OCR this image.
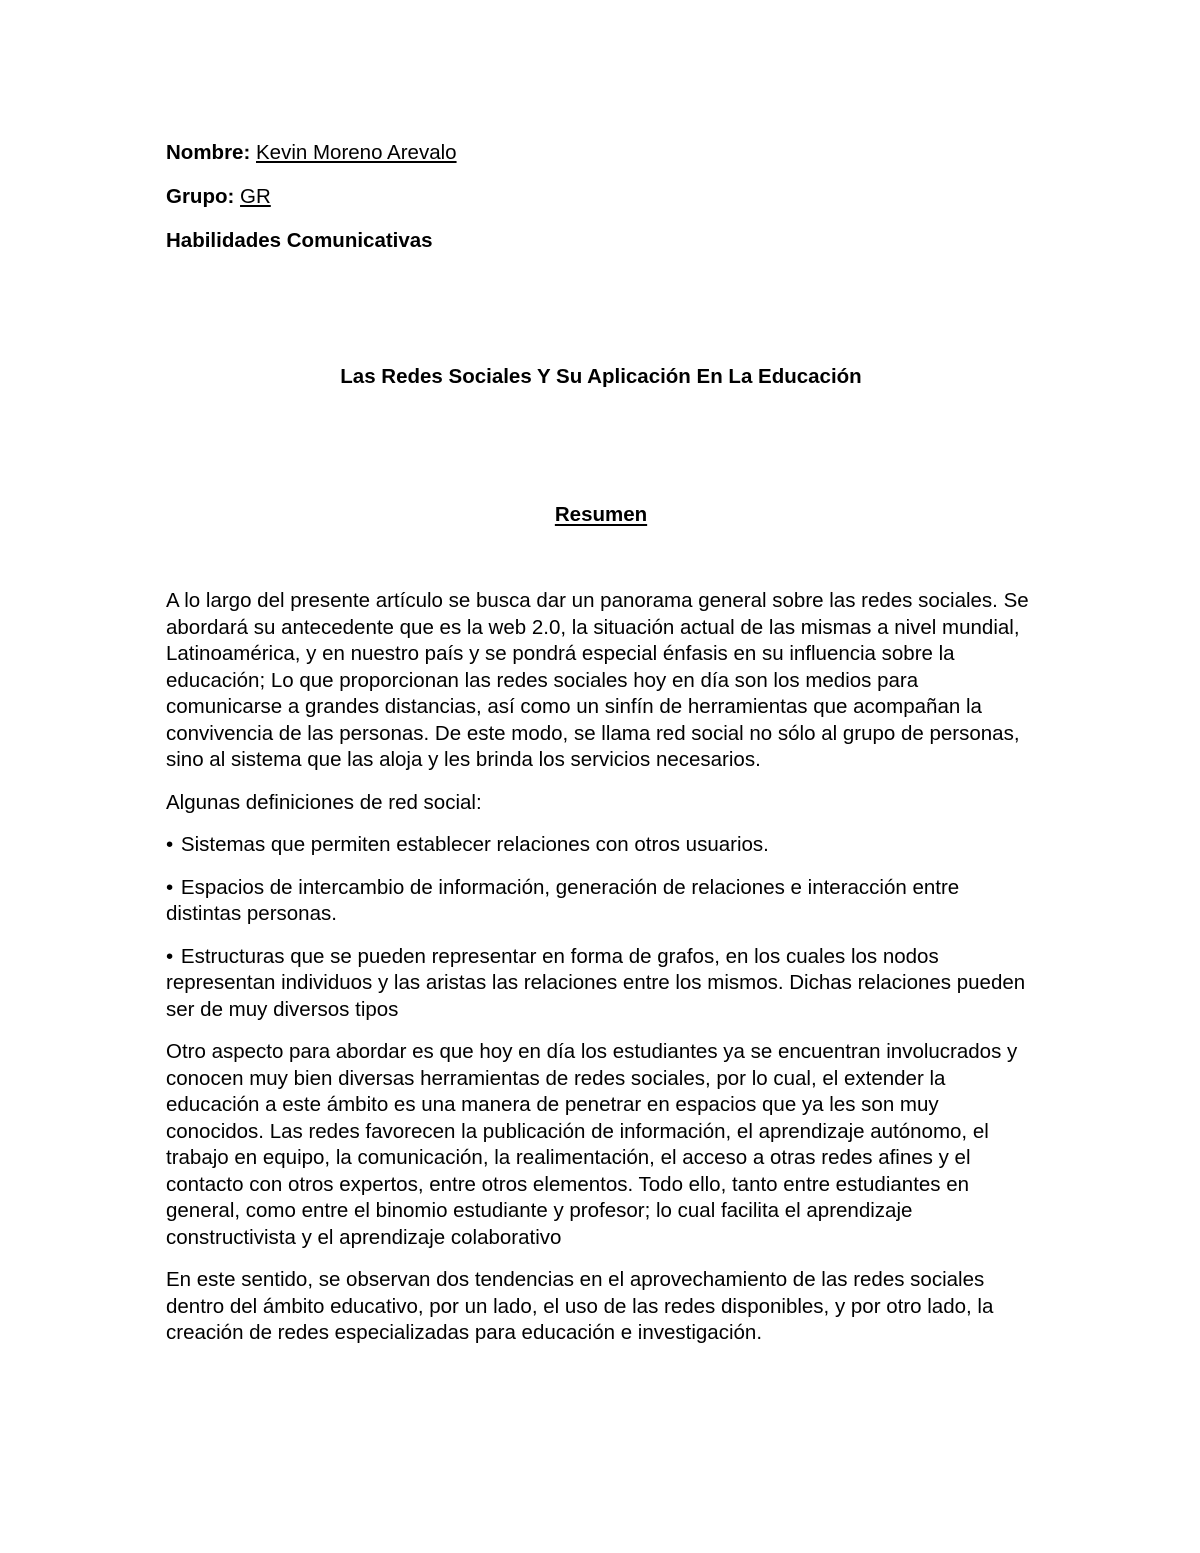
Nombre: Kevin Moreno Arevalo

Grupo: GR

Habilidades Comunicativas

Las Redes Sociales Y Su Aplicación En La Educación
Resumen

A lo largo del presente artículo se busca dar un panorama general sobre las redes sociales. Se abordará su antecedente que es la web 2.0, la situación actual de las mismas a nivel mundial, Latinoamérica, y en nuestro país y se pondrá especial énfasis en su influencia sobre la educación; Lo que proporcionan las redes sociales hoy en día son los medios para comunicarse a grandes distancias, así como un sinfín de herramientas que acompañan la convivencia de las personas. De este modo, se llama red social no sólo al grupo de personas, sino al sistema que las aloja y les brinda los servicios necesarios.

Algunas definiciones de red social:

• Sistemas que permiten establecer relaciones con otros usuarios.

• Espacios de intercambio de información, generación de relaciones e interacción entre distintas personas.

• Estructuras que se pueden representar en forma de grafos, en los cuales los nodos representan individuos y las aristas las relaciones entre los mismos. Dichas relaciones pueden ser de muy diversos tipos

Otro aspecto para abordar es que hoy en día los estudiantes ya se encuentran involucrados y conocen muy bien diversas herramientas de redes sociales, por lo cual, el extender la educación a este ámbito es una manera de penetrar en espacios que ya les son muy conocidos. Las redes favorecen la publicación de información, el aprendizaje autónomo, el trabajo en equipo, la comunicación, la realimentación, el acceso a otras redes afines y el contacto con otros expertos, entre otros elementos. Todo ello, tanto entre estudiantes en general, como entre el binomio estudiante y profesor; lo cual facilita el aprendizaje constructivista y el aprendizaje colaborativo

En este sentido, se observan dos tendencias en el aprovechamiento de las redes sociales dentro del ámbito educativo, por un lado, el uso de las redes disponibles, y por otro lado, la creación de redes especializadas para educación e investigación.
